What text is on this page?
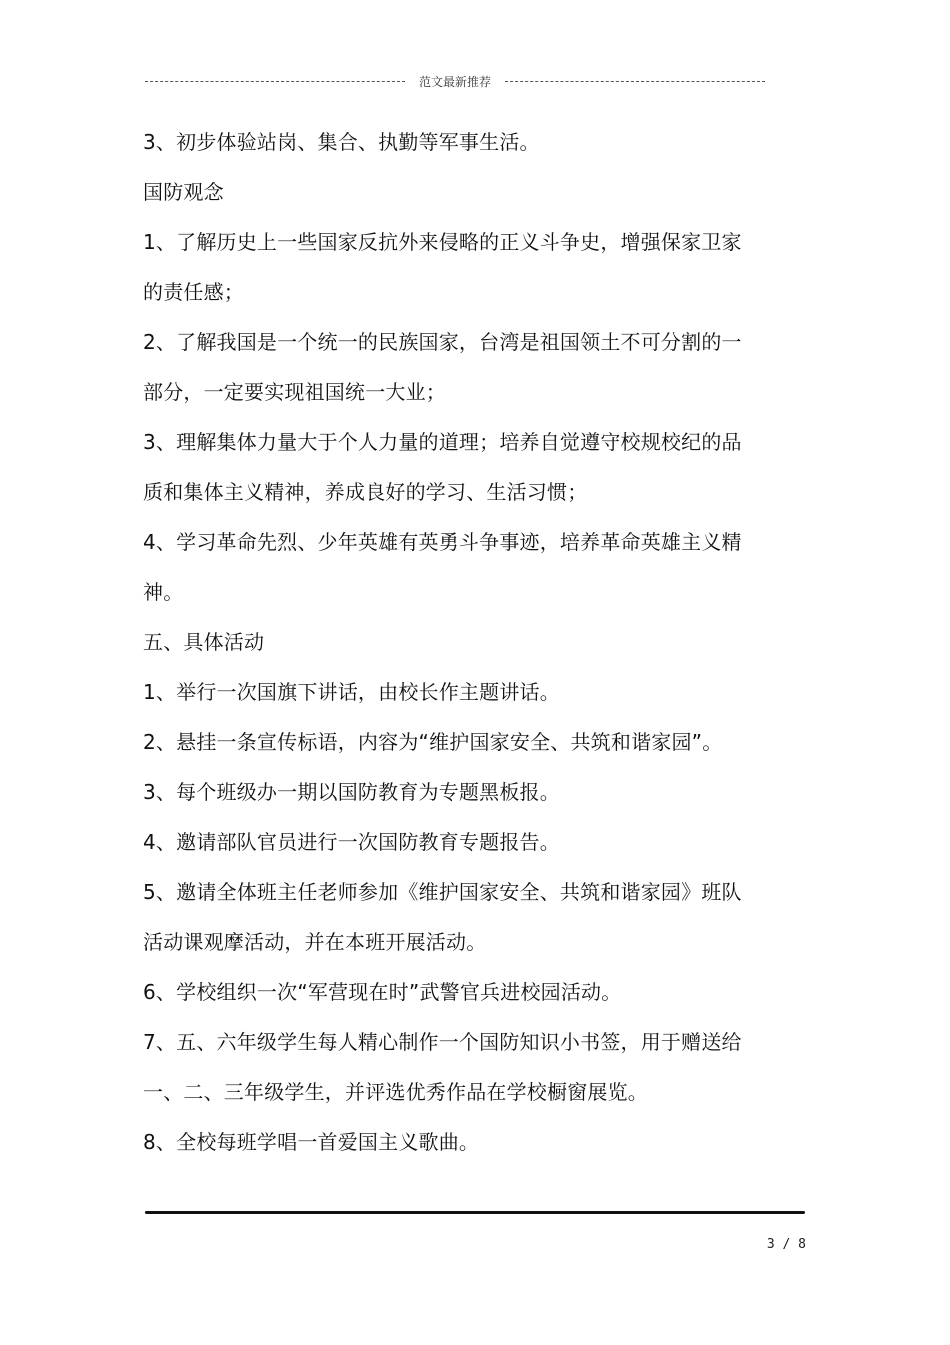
范文最新推荐
3、初步体验站岗、集合、执勤等军事生活。
国防观念
1、了解历史上一些国家反抗外来侵略的正义斗争史，增强保家卫家
的责任感；
2、了解我国是一个统一的民族国家，台湾是祖国领土不可分割的一
部分，一定要实现祖国统一大业；
3、理解集体力量大于个人力量的道理；培养自觉遵守校规校纪的品
质和集体主义精神，养成良好的学习、生活习惯；
4、学习革命先烈、少年英雄有英勇斗争事迹，培养革命英雄主义精
神。
五、具体活动
1、举行一次国旗下讲话，由校长作主题讲话。
2、悬挂一条宣传标语，内容为“维护国家安全、共筑和谐家园”。
3、每个班级办一期以国防教育为专题黑板报。
4、邀请部队官员进行一次国防教育专题报告。
5、邀请全体班主任老师参加《维护国家安全、共筑和谐家园》班队
活动课观摩活动，并在本班开展活动。
6、学校组织一次“军营现在时”武警官兵进校园活动。
7、五、六年级学生每人精心制作一个国防知识小书签，用于赠送给
一、二、三年级学生，并评选优秀作品在学校橱窗展览。
8、全校每班学唱一首爱国主义歌曲。
3 / 8
